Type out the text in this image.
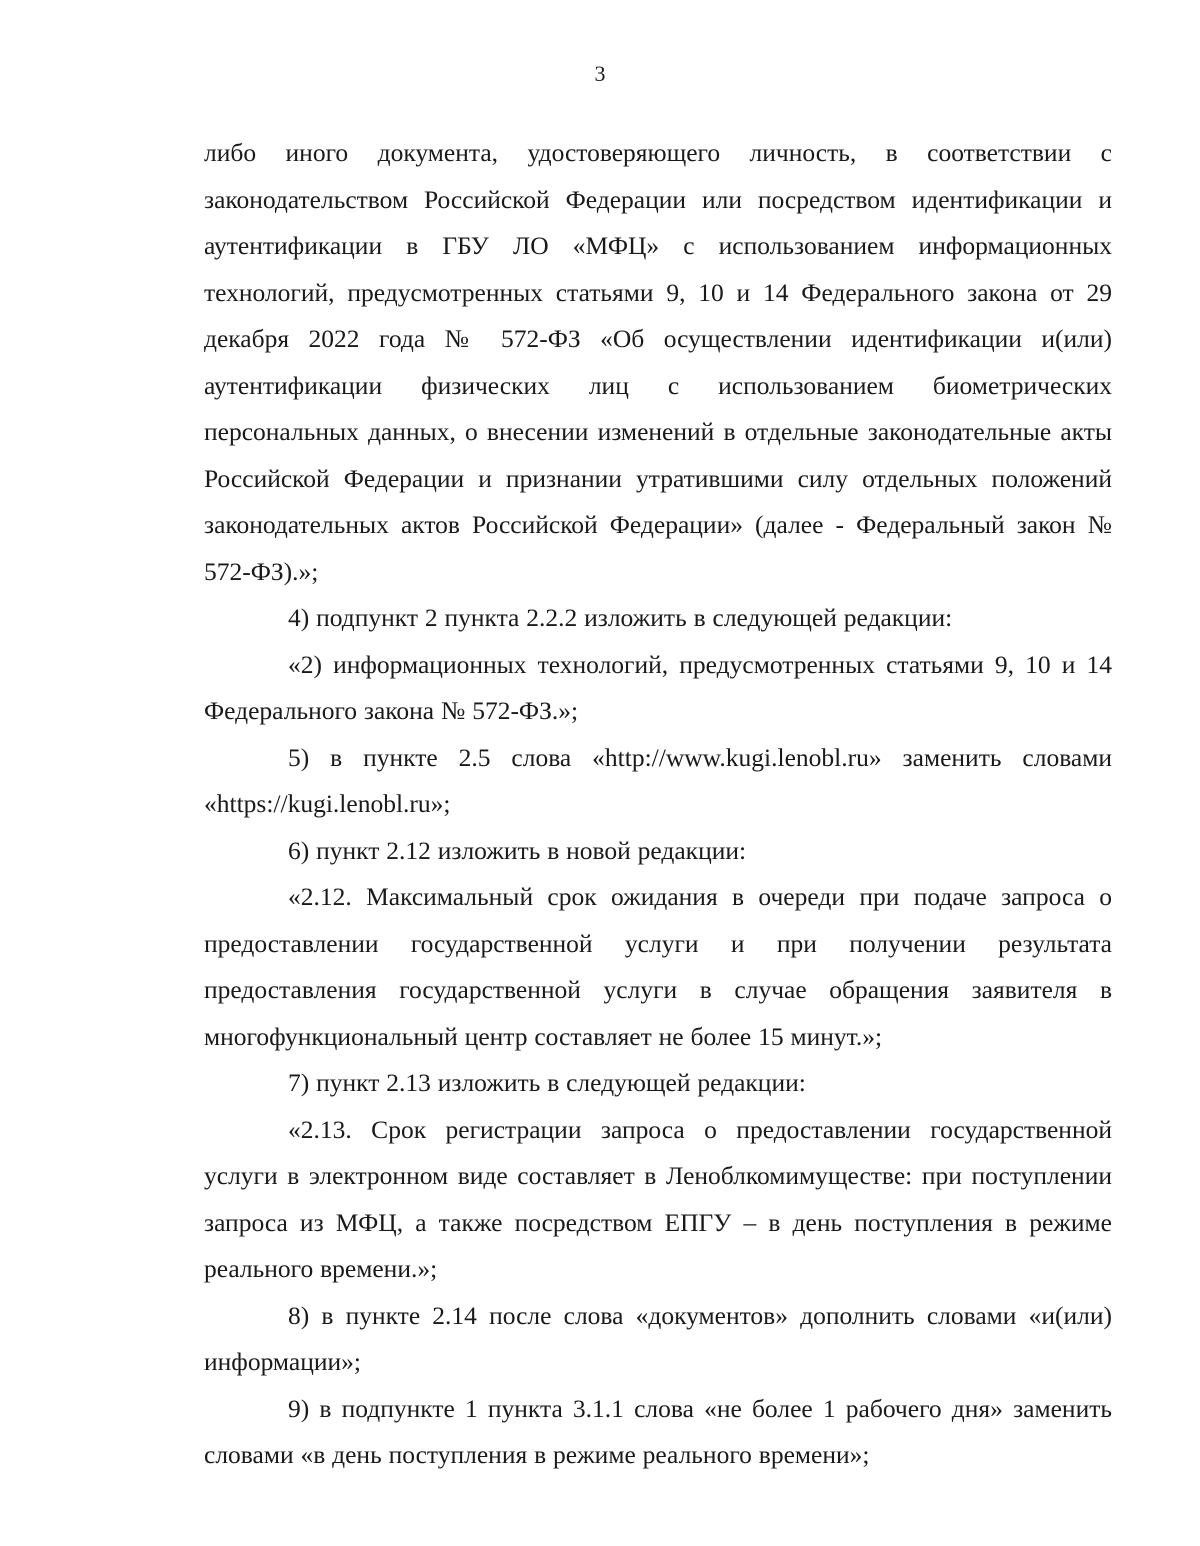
3

либо иного документа, удостоверяющего личность, в соответствии с законодательством Российской Федерации или посредством идентификации и аутентификации в ГБУ ЛО «МФЦ» с использованием информационных технологий, предусмотренных статьями 9, 10 и 14 Федерального закона от 29 декабря 2022 года № 572-ФЗ «Об осуществлении идентификации и(или) аутентификации физических лиц с использованием биометрических персональных данных, о внесении изменений в отдельные законодательные акты Российской Федерации и признании утратившими силу отдельных положений законодательных актов Российской Федерации» (далее - Федеральный закон № 572-ФЗ).»;

4) подпункт 2 пункта 2.2.2 изложить в следующей редакции:

«2) информационных технологий, предусмотренных статьями 9, 10 и 14 Федерального закона № 572-ФЗ.»;

5) в пункте 2.5 слова «http://www.kugi.lenobl.ru» заменить словами «https://kugi.lenobl.ru»;

6) пункт 2.12 изложить в новой редакции:

«2.12. Максимальный срок ожидания в очереди при подаче запроса о предоставлении государственной услуги и при получении результата предоставления государственной услуги в случае обращения заявителя в многофункциональный центр составляет не более 15 минут.»;

7) пункт 2.13 изложить в следующей редакции:

«2.13. Срок регистрации запроса о предоставлении государственной услуги в электронном виде составляет в Леноблкомимуществе: при поступлении запроса из МФЦ, а также посредством ЕПГУ – в день поступления в режиме реального времени.»;

8) в пункте 2.14 после слова «документов» дополнить словами «и(или) информации»;

9) в подпункте 1 пункта 3.1.1 слова «не более 1 рабочего дня» заменить словами «в день поступления в режиме реального времени»;
